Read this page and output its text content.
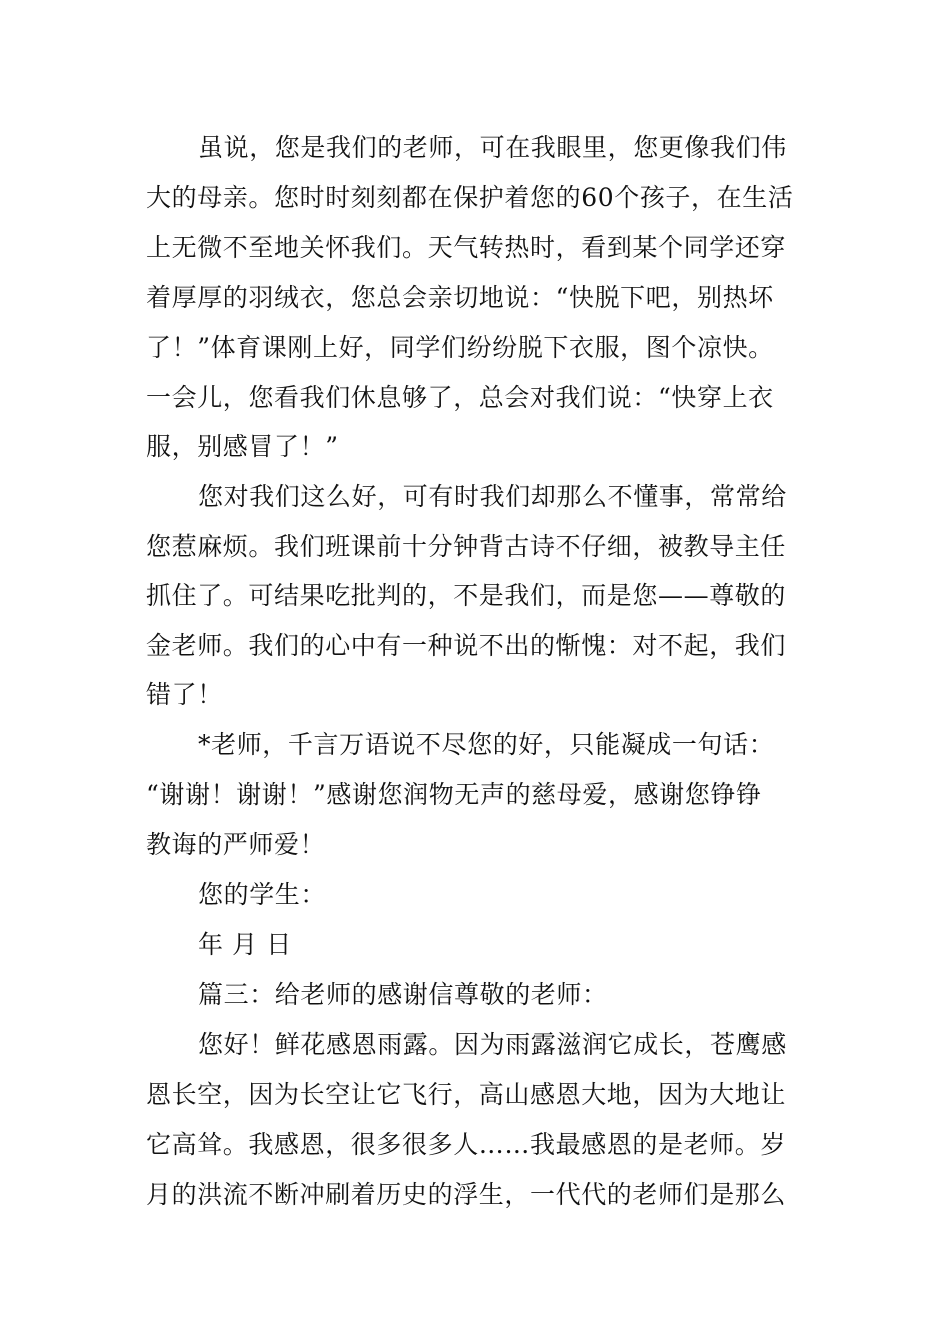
虽说，您是我们的老师，可在我眼里，您更像我们伟
大的母亲。您时时刻刻都在保护着您的60个孩子，在生活
上无微不至地关怀我们。天气转热时，看到某个同学还穿
着厚厚的羽绒衣，您总会亲切地说：“快脱下吧，别热坏
了！”体育课刚上好，同学们纷纷脱下衣服，图个凉快。
一会儿，您看我们休息够了，总会对我们说：“快穿上衣
服，别感冒了！”
您对我们这么好，可有时我们却那么不懂事，常常给
您惹麻烦。我们班课前十分钟背古诗不仔细，被教导主任
抓住了。可结果吃批判的，不是我们，而是您——尊敬的
金老师。我们的心中有一种说不出的惭愧：对不起，我们
错了！
*老师，千言万语说不尽您的好，只能凝成一句话：
“谢谢！谢谢！”感谢您润物无声的慈母爱，感谢您铮铮
教诲的严师爱！
您的学生：
年 月 日
篇三：给老师的感谢信尊敬的老师：
您好！鲜花感恩雨露。因为雨露滋润它成长，苍鹰感
恩长空，因为长空让它飞行，高山感恩大地，因为大地让
它高耸。我感恩，很多很多人……我最感恩的是老师。岁
月的洪流不断冲刷着历史的浮生，一代代的老师们是那么
